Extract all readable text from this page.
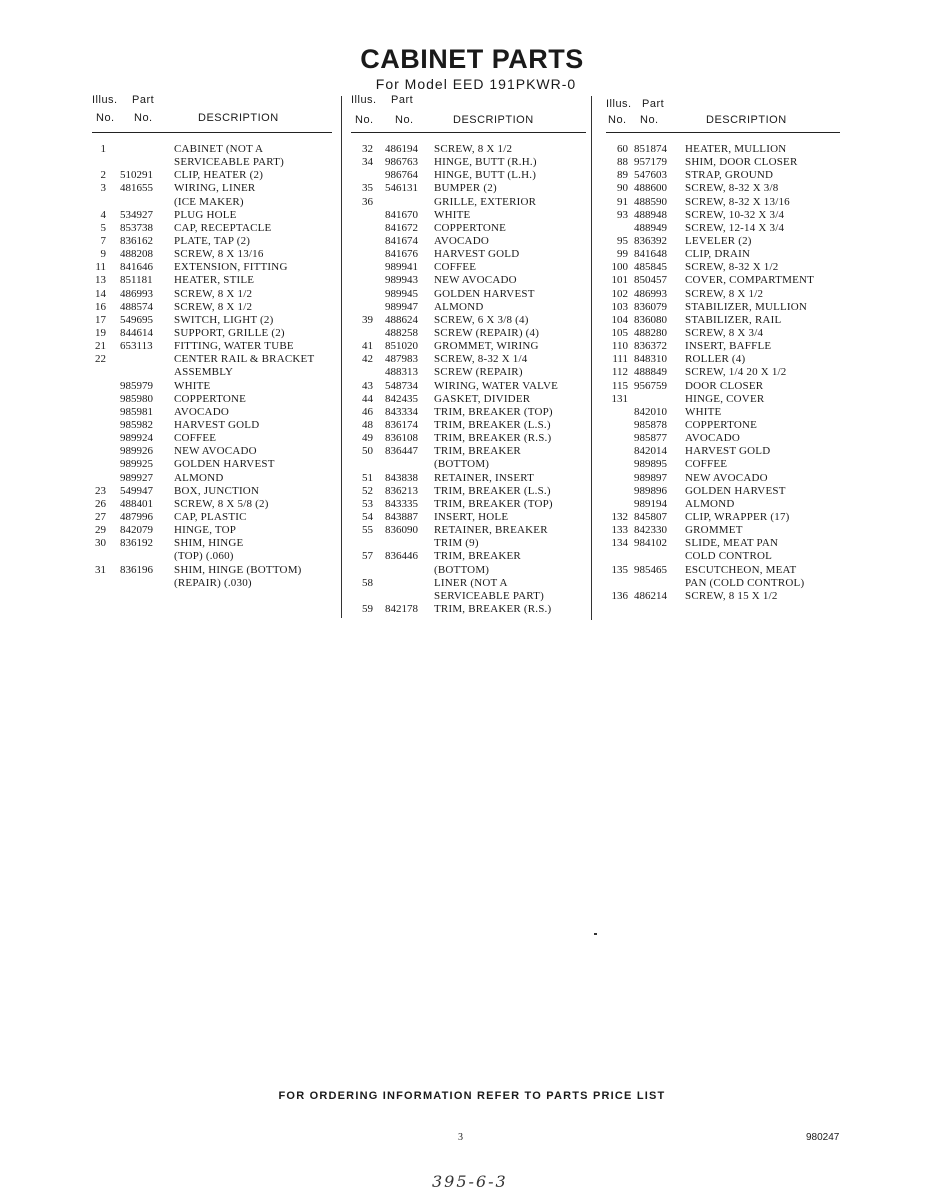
CABINET PARTS
For Model EED 191PKWR-0
Illus. Part
No. No.	DESCRIPTION
1	CABINET (NOT A
SERVICEABLE PART)
2 510291 CLIP, HEATER (2)
3 481655 WIRING, LINER
(ICE MAKER)
4 534927 PLUG HOLE
5 853738 CAP, RECEPTACLE
7 836162 PLATE, TAP (2)
9 488208 SCREW, 8 X 13/16
11 841646 EXTENSION, FITTING
13 851181 HEATER, STILE
14 486993 SCREW, 8 X 1/2
16 488574 SCREW, 8 X 1/2
17 549695 SWITCH, LIGHT (2)
19 844614 SUPPORT, GRILLE (2)
21 653113 FITTING, WATER TUBE
22	CENTER RAIL & BRACKET
ASSEMBLY
985979 WHITE
985980 COPPERTONE
985981 AVOCADO
985982 HARVEST GOLD
989924 COFFEE
989926 NEW AVOCADO
989925 GOLDEN HARVEST
989927 ALMOND
23 549947 BOX, JUNCTION
26 488401 SCREW, 8 X 5/8 (2)
27 487996 CAP, PLASTIC
29 842079 HINGE, TOP
30 836192 SHIM, HINGE
(TOP) (.060)
31 836196 SHIM, HINGE (BOTTOM)
(REPAIR) (.030)
Illus. Part
No. No.	DESCRIPTION
32 486194 SCREW, 8 X 1/2
34 986763 HINGE, BUTT (R.H.)
986764 HINGE, BUTT (L.H.)
35 546131 BUMPER (2)
36	GRILLE, EXTERIOR
841670 WHITE
841672 COPPERTONE
841674 AVOCADO
841676 HARVEST GOLD
989941 COFFEE
989943 NEW AVOCADO
989945 GOLDEN HARVEST
989947 ALMOND
39 488624 SCREW, 6 X 3/8 (4)
488258 SCREW (REPAIR) (4)
41 851020 GROMMET, WIRING
42 487983 SCREW, 8-32 X 1/4
488313 SCREW (REPAIR)
43 548734 WIRING, WATER VALVE
44 842435 GASKET, DIVIDER
46 843334 TRIM, BREAKER (TOP)
48 836174 TRIM, BREAKER (L.S.)
49 836108 TRIM, BREAKER (R.S.)
50 836447 TRIM, BREAKER
(BOTTOM)
51 843838 RETAINER, INSERT
52 836213 TRIM, BREAKER (L.S.)
53 843335 TRIM, BREAKER (TOP)
54 843887 INSERT, HOLE
55 836090 RETAINER, BREAKER
TRIM (9)
57 836446 TRIM, BREAKER
(BOTTOM)
58	LINER (NOT A
SERVICEABLE PART)
59 842178 TRIM, BREAKER (R.S.)
Illus. Part
No. No.	DESCRIPTION
60 851874 HEATER, MULLION
88 957179 SHIM, DOOR CLOSER
89 547603 STRAP, GROUND
90 488600 SCREW, 8-32 X 3/8
91 488590 SCREW, 8-32 X 13/16
93 488948 SCREW, 10-32 X 3/4
488949 SCREW, 12-14 X 3/4
95 836392 LEVELER (2)
99 841648 CLIP, DRAIN
100 485845 SCREW, 8-32 X 1/2
101 850457 COVER, COMPARTMENT
102 486993 SCREW, 8 X 1/2
103 836079 STABILIZER, MULLION
104 836080 STABILIZER, RAIL
105 488280 SCREW, 8 X 3/4
110 836372 INSERT, BAFFLE
111 848310 ROLLER (4)
112 488849 SCREW, 1/4 20 X 1/2
115 956759 DOOR CLOSER
131	HINGE, COVER
842010 WHITE
985878 COPPERTONE
985877 AVOCADO
842014 HARVEST GOLD
989895 COFFEE
989897 NEW AVOCADO
989896 GOLDEN HARVEST
989194 ALMOND
132 845807 CLIP, WRAPPER (17)
133 842330 GROMMET
134 984102 SLIDE, MEAT PAN
COLD CONTROL
135 985465 ESCUTCHEON, MEAT
PAN (COLD CONTROL)
136 486214 SCREW, 8 15 X 1/2
FOR ORDERING INFORMATION REFER TO PARTS PRICE LIST
3	980247
395-6-3
